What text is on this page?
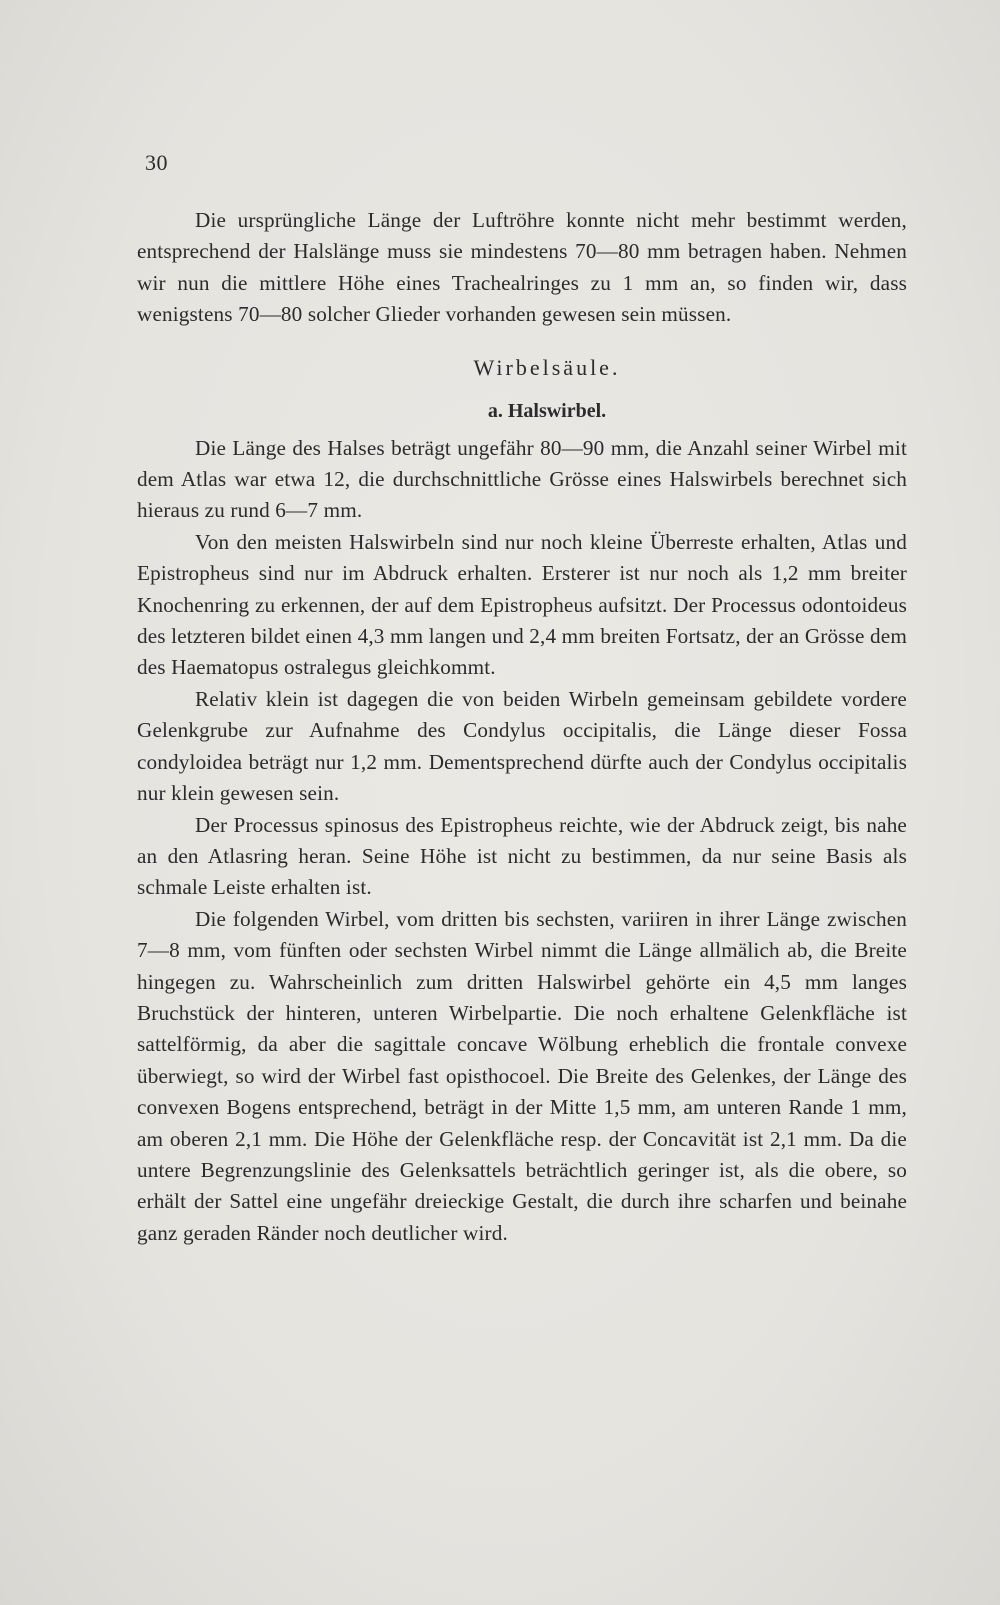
30

Die ursprüngliche Länge der Luftröhre konnte nicht mehr bestimmt werden, entsprechend der Halslänge muss sie mindestens 70—80 mm betragen haben. Nehmen wir nun die mittlere Höhe eines Trachealringes zu 1 mm an, so finden wir, dass wenigstens 70—80 solcher Glieder vorhanden gewesen sein müssen.

Wirbelsäule.
a. Halswirbel.

Die Länge des Halses beträgt ungefähr 80—90 mm, die Anzahl seiner Wirbel mit dem Atlas war etwa 12, die durchschnittliche Grösse eines Halswirbels berechnet sich hieraus zu rund 6—7 mm.

Von den meisten Halswirbeln sind nur noch kleine Überreste erhalten, Atlas und Epistropheus sind nur im Abdruck erhalten. Ersterer ist nur noch als 1,2 mm breiter Knochenring zu erkennen, der auf dem Epistropheus aufsitzt. Der Processus odontoideus des letzteren bildet einen 4,3 mm langen und 2,4 mm breiten Fortsatz, der an Grösse dem des Haematopus ostralegus gleichkommt.

Relativ klein ist dagegen die von beiden Wirbeln gemeinsam gebildete vordere Gelenkgrube zur Aufnahme des Condylus occipitalis, die Länge dieser Fossa condyloidea beträgt nur 1,2 mm. Dementsprechend dürfte auch der Condylus occipitalis nur klein gewesen sein.

Der Processus spinosus des Epistropheus reichte, wie der Abdruck zeigt, bis nahe an den Atlasring heran. Seine Höhe ist nicht zu bestimmen, da nur seine Basis als schmale Leiste erhalten ist.

Die folgenden Wirbel, vom dritten bis sechsten, variiren in ihrer Länge zwischen 7—8 mm, vom fünften oder sechsten Wirbel nimmt die Länge allmälich ab, die Breite hingegen zu. Wahrscheinlich zum dritten Halswirbel gehörte ein 4,5 mm langes Bruchstück der hinteren, unteren Wirbelpartie. Die noch erhaltene Gelenkfläche ist sattelförmig, da aber die sagittale concave Wölbung erheblich die frontale convexe überwiegt, so wird der Wirbel fast opisthocoel. Die Breite des Gelenkes, der Länge des convexen Bogens entsprechend, beträgt in der Mitte 1,5 mm, am unteren Rande 1 mm, am oberen 2,1 mm. Die Höhe der Gelenkfläche resp. der Concavität ist 2,1 mm. Da die untere Begrenzungslinie des Gelenksattels beträchtlich geringer ist, als die obere, so erhält der Sattel eine ungefähr dreieckige Gestalt, die durch ihre scharfen und beinahe ganz geraden Ränder noch deutlicher wird.
